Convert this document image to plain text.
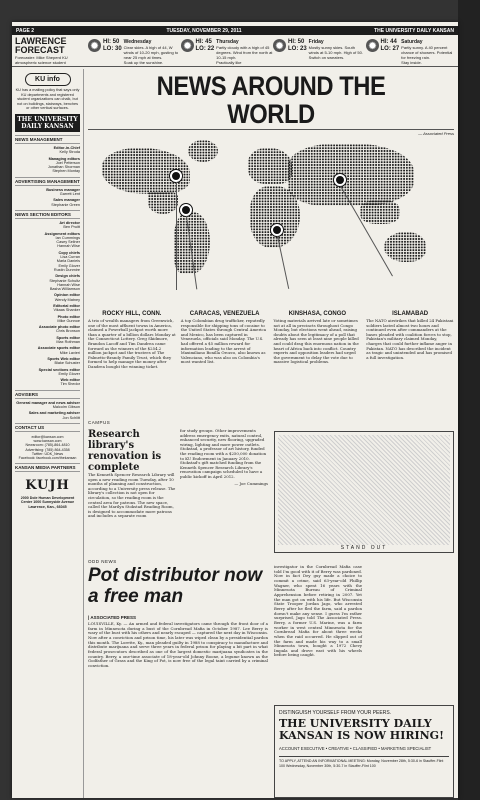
PAGE 2	TUESDAY, NOVEMBER 29, 2011	THE UNIVERSITY DAILY KANSAN
LAWRENCE FORECAST
Forecaster: Mike Sheperd KU atmospheric science student
HI: 50
LO: 30
Wednesday
Clear skies. A high of 44, W winds of 10-20 mph, gusting to near 25 mph at times.
Soak up the sunshine.
HI: 45
LO: 22
Thursday
Partly cloudy with a high of 45 degrees. Wind from the north at 10-15 mph.
Practically like
HI: 50
LO: 23
Friday
Mostly sunny skies. South winds at 5-10 mph. High of 50.
Switch on sweaters.
HI: 44
LO: 27
Saturday
Partly sunny. A 40 percent chance of showers. Potential for freezing rain.
Stay inside.
KU info
KU has a mailing policy that says only KU departments and registered student organizations can chalk, but not on buildings, stairways, benches or other vertical surfaces.
THE UNIVERSITY DAILY KANSAN
NEWS MANAGEMENT
Editor-in-Chief
Kelly Stroda
Managing editors
Joel Petterson
Jonathan Shorman
Stephen Montay
ADVERTISING MANAGEMENT
Business manager
Garrett Lent
Sales manager
Stephanie Green
NEWS SECTION EDITORS
Art director
Ben Pruitt
Assignment editors
Ian Cummings
Casey Sellner
Hannah Wise
Copy chiefs
Lisa Curran
Marla Daniels
Emily Glover
Rustin Dunmire
Design chiefs
Stephanie Schultz
Hannah Wise
Basha Williamson
Opinion editor
Wendy Matney
Editorial editor
Vikaas Shanker
Photo editor
Mike Gunnoe
Associate photo editor
Chris Bronson
Sports editor
Max Rothman
Associate sports editor
Mike Lavieri
Sports Web editor
Blake Schuster
Special sections editor
Emily Glover
Web editor
Tim Shedor
ADVISERS
General manager and news adviser
Malcolm Gibson
Sales and marketing adviser
Jon Schlitt
CONTACT US
editor@kansan.com
www.kansan.com
Newsroom: (785)-864-4810
Advertising: (785) 864-4358
Twitter: UDK_News
Facebook: facebook.com/thekansan
KANSAN MEDIA PARTNERS
KUJH
2000 Dole Human Development Center 1000 Sunnyside Avenue Lawrence, Kan., 66045
NEWS AROUND THE WORLD
— Associated Press
ROCKY HILL, CONN.

A trio of wealth managers from Greenwich, one of the most affluent towns in America, claimed a Powerball jackpot worth more than a quarter of a billion dollars Monday at the Connecticut Lottery. Greg Skidmore, Brandon Lacoff and Tim Dandrea came forward as the winners of the $254.2 million jackpot and the trustees of The Palmetto-Brandy Family Trust, which they formed to help manage the money after Dandrea bought the winning ticket.

CARACAS, VENEZUELA

A top Colombian drug trafficker, reputedly responsible for shipping tons of cocaine to the United States through Central America and Mexico, has been captured in Venezuela, officials said Monday. The U.S. had offered a $5 million reward for information leading to the arrest of Maximiliano Bonilla Orozco, also known as Valenciano, who was also on Colombia's most wanted list.

KINSHASA, CONGO

Voting materials arrived late or sometimes not at all in precincts throughout Congo Monday, but elections went ahead, raising doubts about the legitimacy of a poll that already has seen at least nine people killed and could drag this enormous nation in the heart of Africa back into conflict. Country experts and opposition leaders had urged the government to delay the vote due to massive logistical problems.

ISLAMABAD

The NATO airstrikes that killed 24 Pakistani soldiers lasted almost two hours and continued even after commanders at the bases pleaded with coalition forces to stop, Pakistan's military claimed Monday, charges that could further inflame anger in Pakistan. NATO has described the incident as tragic and unintended and has promised a full investigation.

CAMPUS
Research library's renovation is complete

The Kenneth Spencer Research Library will open a new reading room Tuesday, after 10 months of planning and construction, according to a University press release. The library's collection is not open for circulation, so the reading room is the central area for patrons. The new space, called the Marilyn Stokstad Reading Room, is designed to accommodate more patrons and includes a separate room

for study groups. Other improvements address emergency exits, natural control, enhanced security, new flooring, upgraded wiring, lighting and more power outlets. Stokstad, a professor of art history, funded the reading room with a $250,000 donation to KU Endowment in January 2010. Stokstad's gift matched funding from the Kenneth Spencer Research Library's renovation campaign scheduled to have a public kickoff in April 2012.

— Joe Cummings

STAND OUT
ODD NEWS
Pot distributor now a free man
| ASSOCIATED PRESS
LOUISVILLE, Ky. — An armed and federal investigators came through the front door of a farm in Minnesota during a bust of the Cornbread Mafia in October 1987. Lee Berry is wary of the bust with his others and nearly escaped — captured the next day in Wisconsin. Now after a conviction and prison time, his later was wiped clean by a presidential pardon this month. The Lorette, Ky., man pleaded guilty in 1988 to conspiracy to manufacture and distribute marijuana and serve three years in federal prison for playing a bit part in what federal prosecutors described as one of the largest domestic marijuana syndicates in the country. Berry, a one-time associate of 18-year-old Johnny Boone, a legume known as the Godfather of Grass and the King of Pot, is now free of the legal taint carried by a criminal conviction.
investigator in the Cornbread Mafia case told I'm good with it of Berry was pardoned. Now in fact Dey guy made a choice to commit a crime, said 63-year-old Phillip Wagner, who spent 16 years with the Minnesota Bureau of Criminal Apprehension before retiring in 2007. Yet the man got on with his life. But Wisconsin State Trooper Jordan Jago, who arrested Berry after he fled the farm, said a pardon doesn't make any sense. I guess I'm rather surprised, Jago told The Associated Press. Berry, a former U.S. Marine, was a farm worker in west central Minnesota for the Cornbread Mafia for about three weeks when the raid occurred. He slipped out of the farm and made his way to a small Minnesota town, bought a 1972 Chevy Impala and drove east with his wheels before being caught.
DISTINGUISH YOURSELF FROM YOUR PEERS.
THE UNIVERSITY DAILY KANSAN IS NOW HIRING!
ACCOUNT EXECUTIVE • CREATIVE • CLASSIFIED • MARKETING SPECIALIST
TO APPLY, ATTEND AN INFORMATIONAL MEETING: Monday, November 28th, 5:30-6 in Stauffer-Flint 100 Wednesday, November 30th, 5:30-7 in Stauffer-Flint 100
